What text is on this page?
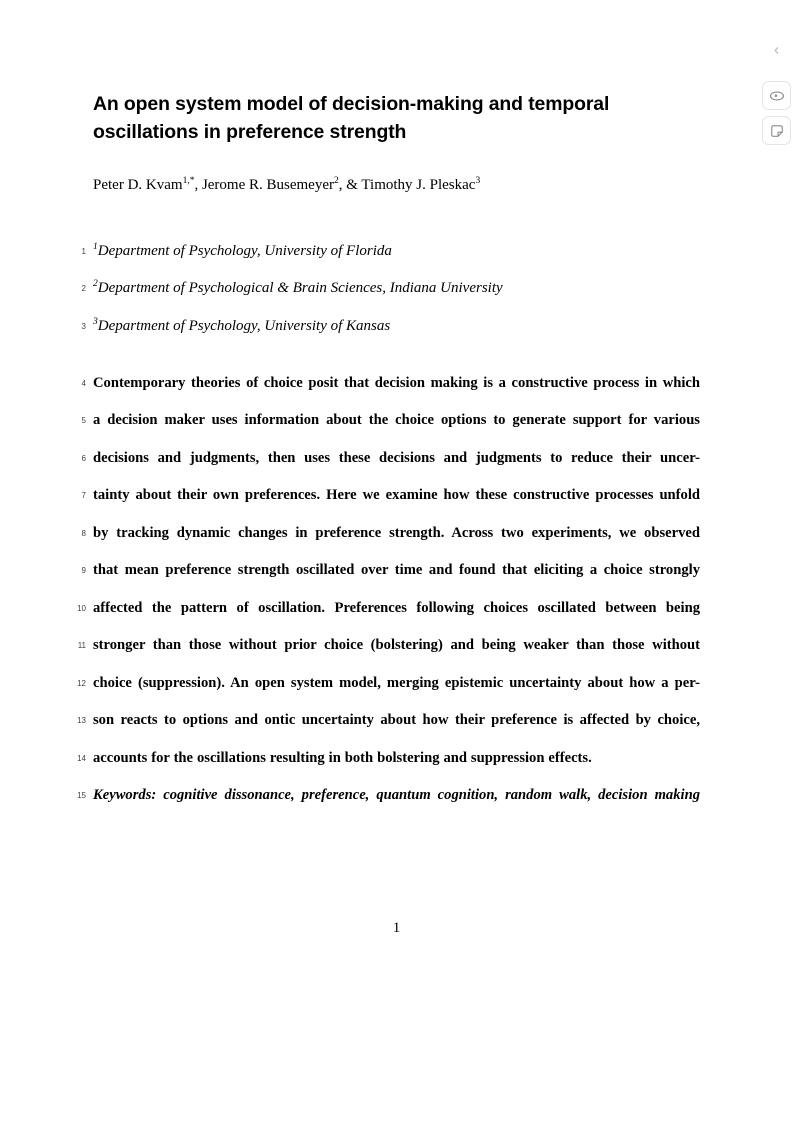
An open system model of decision-making and temporal
oscillations in preference strength
Peter D. Kvam$^{1,*}$, Jerome R. Busemeyer$^2$, & Timothy J. Pleskac$^3$
1 $^1$Department of Psychology, University of Florida
2 $^2$Department of Psychological & Brain Sciences, Indiana University
3 $^3$Department of Psychology, University of Kansas
4 Contemporary theories of choice posit that decision making is a constructive process in which
5 a decision maker uses information about the choice options to generate support for various
6 decisions and judgments, then uses these decisions and judgments to reduce their uncer-
7 tainty about their own preferences. Here we examine how these constructive processes unfold
8 by tracking dynamic changes in preference strength. Across two experiments, we observed
9 that mean preference strength oscillated over time and found that eliciting a choice strongly
10 affected the pattern of oscillation. Preferences following choices oscillated between being
11 stronger than those without prior choice (bolstering) and being weaker than those without
12 choice (suppression). An open system model, merging epistemic uncertainty about how a per-
13 son reacts to options and ontic uncertainty about how their preference is affected by choice,
14 accounts for the oscillations resulting in both bolstering and suppression effects.
15 Keywords: cognitive dissonance, preference, quantum cognition, random walk, decision making
1
